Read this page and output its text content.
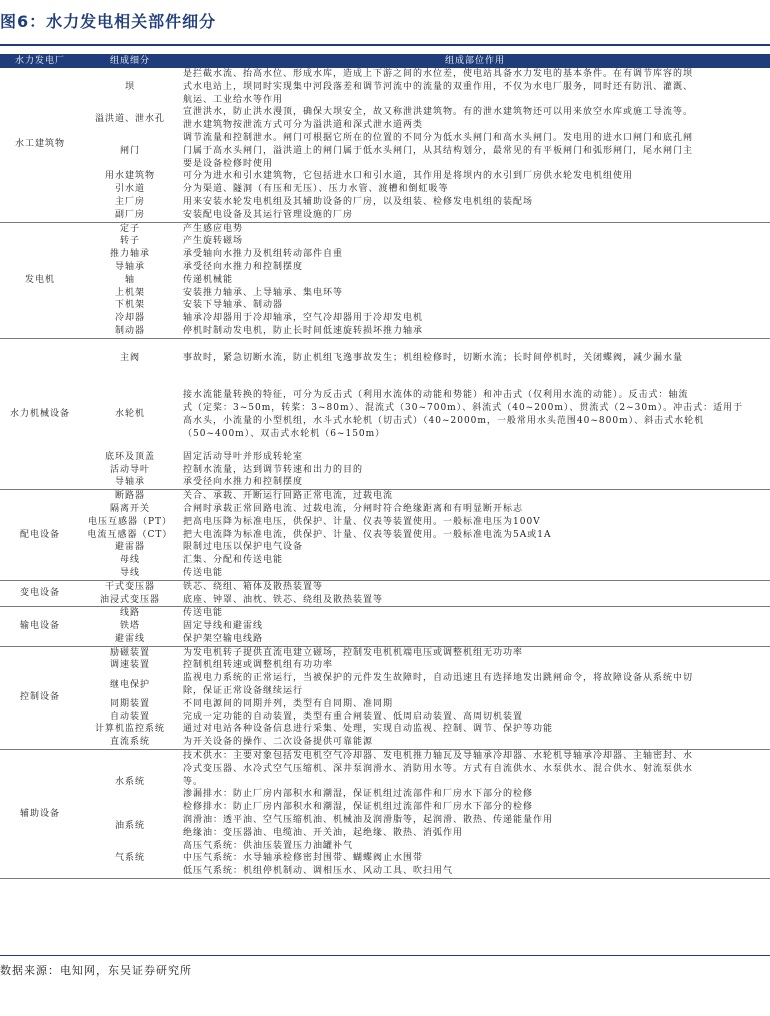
图6：水力发电相关部件细分
水力发电厂	组成细分	组成部位作用
水工建筑物	坝	是拦截水流、抬高水位、形成水库，造成上下游之间的水位差，使电站具备水力发电的基本条件。在有调节库容的坝
式水电站上，坝同时实现集中河段落差和调节河流中的流量的双重作用，不仅为水电厂服务，同时还有防汛、灌溉、
航运、工业给水等作用

	溢洪道、泄水孔	宣泄洪水，防止洪水漫顶，确保大坝安全，故又称泄洪建筑物。有的泄水建筑物还可以用来放空水库或施工导流等。
泄水建筑物按泄流方式可分为溢洪道和深式泄水道两类

	闸门	调节流量和控制泄水。闸门可根据它所在的位置的不同分为低水头闸门和高水头闸门。发电用的进水口闸门和底孔闸
门属于高水头闸门，溢洪道上的闸门属于低水头闸门，从其结构划分，最常见的有平板闸门和弧形闸门，尾水闸门主
要是设备检修时使用

	用水建筑物	可分为进水和引水建筑物，它包括进水口和引水道，其作用是将坝内的水引到厂房供水轮发电机组使用

	引水道	分为渠道、隧洞（有压和无压）、压力水管、渡槽和倒虹吸等

	主厂房	用来安装水轮发电机组及其辅助设备的厂房，以及组装、检修发电机组的装配场

	副厂房	安装配电设备及其运行管理设施的厂房

发电机	定子	产生感应电势

	转子	产生旋转磁场

	推力轴承	承受轴向水推力及机组转动部件自重

	导轴承	承受径向水推力和控制摆度

	轴	传递机械能

	上机架	安装推力轴承、上导轴承、集电环等

	下机架	安装下导轴承、制动器

	冷却器	轴承冷却器用于冷却轴承，空气冷却器用于冷却发电机

	制动器	停机时制动发电机，防止长时间低速旋转损坏推力轴承

水力机械设备	主阀	事故时，紧急切断水流，防止机组飞逸事故发生；机组检修时，切断水流；长时间停机时，关闭蝶阀，减少漏水量

	水轮机	接水流能量转换的特征，可分为反击式（利用水流体的动能和势能）和冲击式（仅利用水流的动能）。反击式：轴流
式（定桨：3~50m，转桨：3~80m）、混流式（30~700m）、斜流式（40~200m）、贯流式（2~30m）。冲击式：适用于
高水头，小流量的小型机组，水斗式水轮机（切击式）（40~2000m，一般常用水头范围40~800m）、斜击式水轮机
（50~400m）、双击式水轮机（6~150m）

	底环及顶盖	固定活动导叶并形成转轮室

	活动导叶	控制水流量，达到调节转速和出力的目的

	导轴承	承受径向水推力和控制摆度

配电设备	断路器	关合、承载、开断运行回路正常电流，过载电流

	隔离开关	合闸时承载正常回路电流、过载电流，分闸时符合绝缘距离和有明显断开标志

	电压互感器（PT）	把高电压降为标准电压，供保护、计量、仪表等装置使用。一般标准电压为100V

	电流互感器（CT）	把大电流降为标准电流，供保护、计量、仪表等装置使用。一般标准电流为5A或1A

	避雷器	限制过电压以保护电气设备

	母线	汇集、分配和传送电能

	导线	传送电能

变电设备	干式变压器	铁芯、绕组、箱体及散热装置等

	油浸式变压器	底座、钟罩、油枕、铁芯、绕组及散热装置等

输电设备	线路	传送电能

	铁塔	固定导线和避雷线

	避雷线	保护架空输电线路

控制设备	励磁装置	为发电机转子提供直流电建立磁场，控制发电机机端电压或调整机组无功功率

	调速装置	控制机组转速或调整机组有功功率

	继电保护	监视电力系统的正常运行，当被保护的元件发生故障时，自动迅速且有选择地发出跳闸命令，将故障设备从系统中切
除，保证正常设备继续运行

	同期装置	不同电源间的同期并列，类型有自同期、准同期

	自动装置	完成一定功能的自动装置，类型有重合闸装置、低周启动装置、高周切机装置

	计算机监控系统	通过对电站各种设备信息进行采集、处理，实现自动监视、控制、调节、保护等功能

	直流系统	为开关设备的操作、二次设备提供可靠能源

辅助设备	水系统	技术供水：主要对象包括发电机空气冷却器、发电机推力轴瓦及导轴承冷却器、水轮机导轴承冷却器、主轴密封、水
冷式变压器、水冷式空气压缩机、深井泵润滑水、消防用水等。方式有自流供水、水泵供水、混合供水、射流泵供水
等。
渗漏排水：防止厂房内部积水和潮湿，保证机组过流部件和厂房水下部分的检修
检修排水：防止厂房内部积水和潮湿，保证机组过流部件和厂房水下部分的检修

	油系统	润滑油：透平油、空气压缩机油、机械油及润滑脂等，起润滑、散热、传递能量作用
绝缘油：变压器油、电缆油、开关油，起绝缘、散热、消弧作用

	气系统	高压气系统：供油压装置压力油罐补气
中压气系统：水导轴承检修密封围带、蝴蝶阀止水围带
低压气系统：机组停机制动、调相压水、风动工具、吹扫用气
数据来源：电知网，东吴证券研究所
